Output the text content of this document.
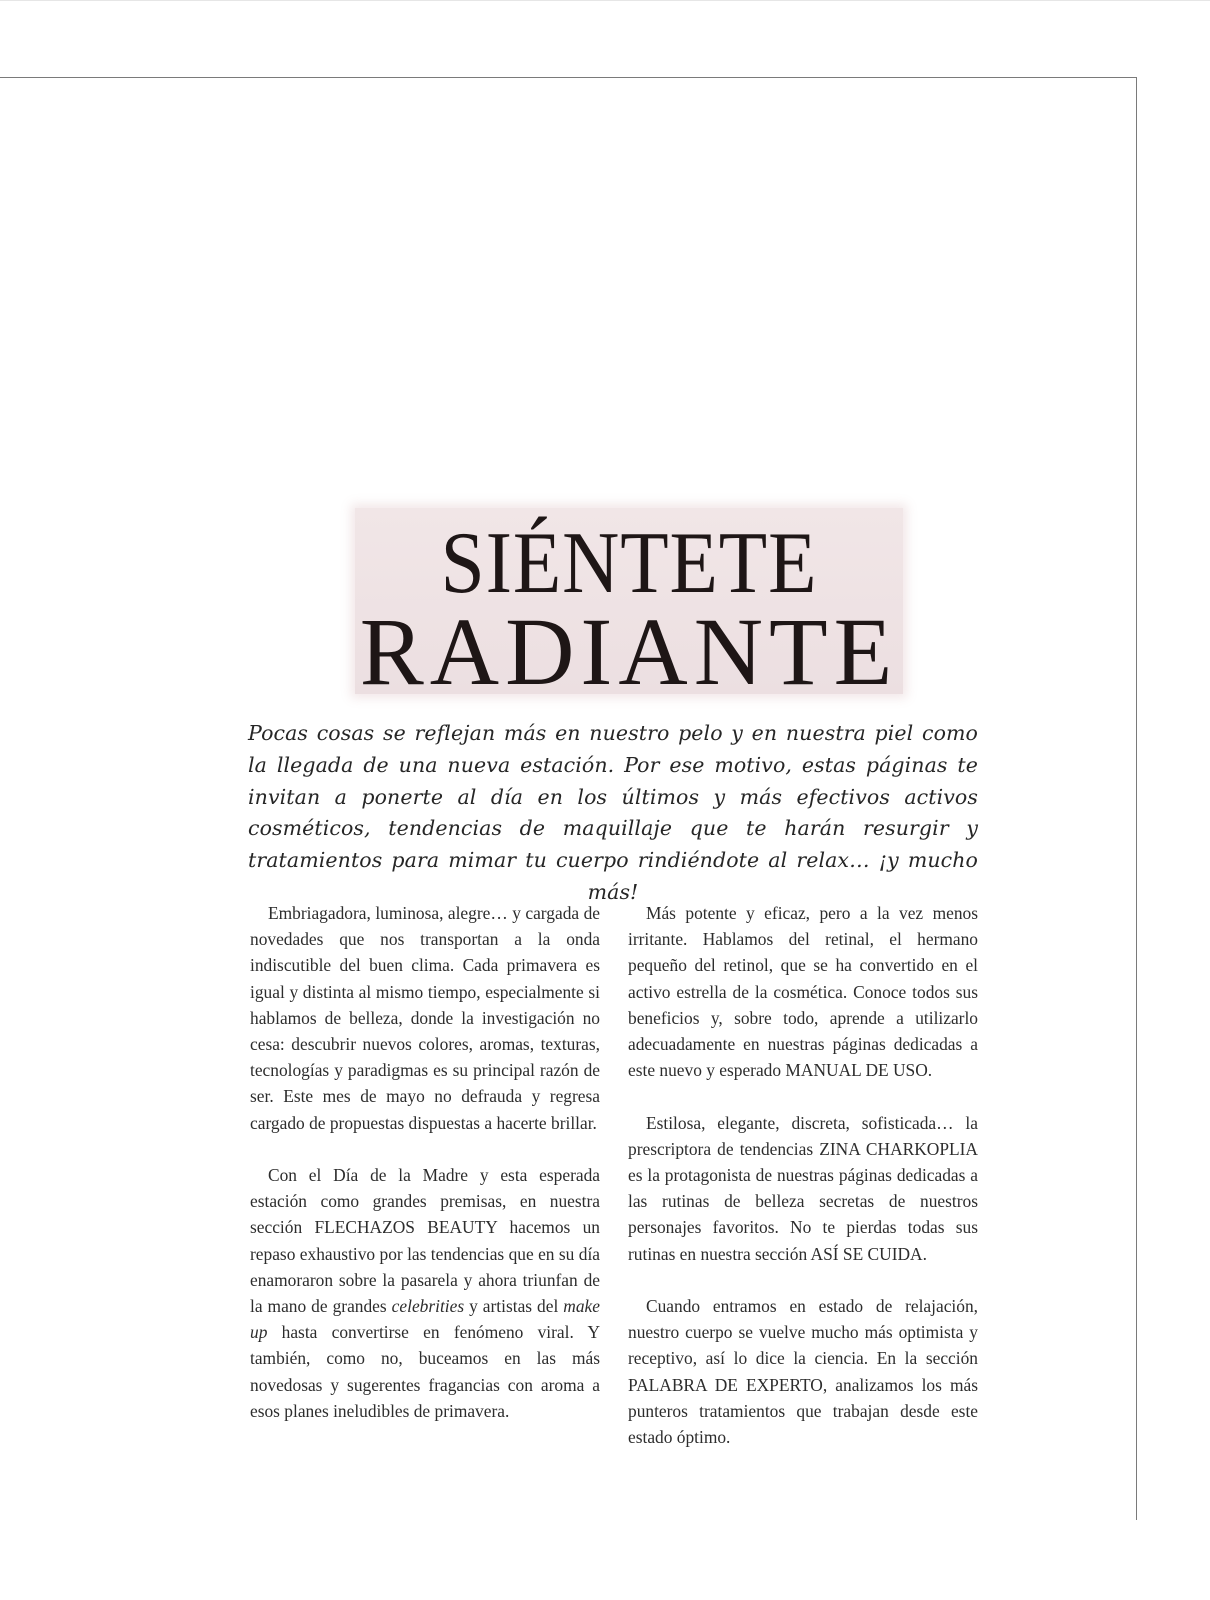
SIÉNTETE
RADIANTE
Pocas cosas se reflejan más en nuestro pelo y en nuestra piel como la llegada de una nueva estación. Por ese motivo, estas páginas te invitan a ponerte al día en los últimos y más efectivos activos cosméticos, tendencias de maquillaje que te harán resurgir y tratamientos para mimar tu cuerpo rindiéndote al relax… ¡y mucho más!

Embriagadora, luminosa, alegre… y cargada de novedades que nos transportan a la onda indiscutible del buen clima. Cada primavera es igual y distinta al mismo tiempo, especialmente si hablamos de belleza, donde la investigación no cesa: descubrir nuevos colores, aromas, texturas, tecnologías y paradigmas es su principal razón de ser. Este mes de mayo no defrauda y regresa cargado de propuestas dispuestas a hacerte brillar.

Con el Día de la Madre y esta esperada estación como grandes premisas, en nuestra sección FLECHAZOS BEAUTY hacemos un repaso exhaustivo por las tendencias que en su día enamoraron sobre la pasarela y ahora triunfan de la mano de grandes celebrities y artistas del make up hasta convertirse en fenómeno viral. Y también, como no, buceamos en las más novedosas y sugerentes fragancias con aroma a esos planes ineludibles de primavera.

Más potente y eficaz, pero a la vez menos irritante. Hablamos del retinal, el hermano pequeño del retinol, que se ha convertido en el activo estrella de la cosmética. Conoce todos sus beneficios y, sobre todo, aprende a utilizarlo adecuadamente en nuestras páginas dedicadas a este nuevo y esperado MANUAL DE USO.

Estilosa, elegante, discreta, sofisticada… la prescriptora de tendencias ZINA CHARKOPLIA es la protagonista de nuestras páginas dedicadas a las rutinas de belleza secretas de nuestros personajes favoritos. No te pierdas todas sus rutinas en nuestra sección ASÍ SE CUIDA.

Cuando entramos en estado de relajación, nuestro cuerpo se vuelve mucho más optimista y receptivo, así lo dice la ciencia. En la sección PALABRA DE EXPERTO, analizamos los más punteros tratamientos que trabajan desde este estado óptimo.
